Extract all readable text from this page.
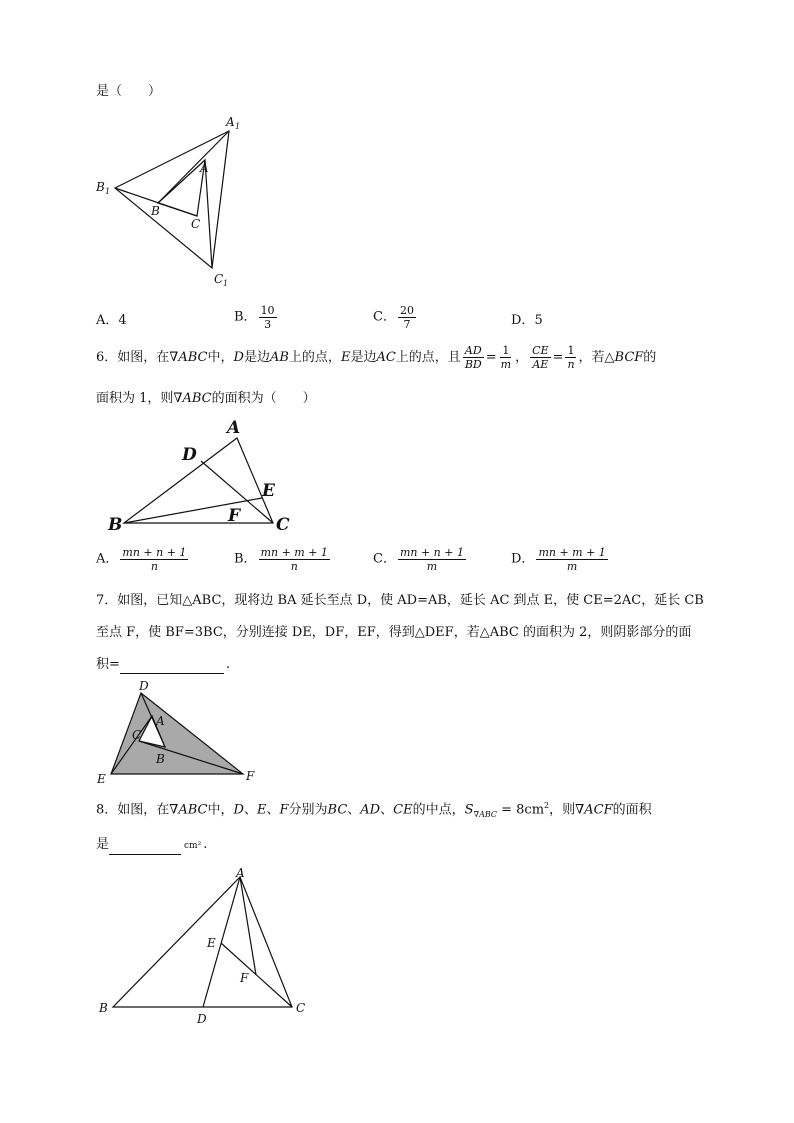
是（　　）
A 1
B 1
C 1
A
B
C
A．4	B． $\frac{10}{3}$	C． $\frac{20}{7}$	D．5
6．如图，在∇ABC中，D是边AB上的点，E是边AC上的点，且 $\frac{AD}{BD} = \frac{1}{m}$ ， $\frac{CE}{AE} = \frac{1}{n}$ ，若△BCF的
面积为 1，则∇ABC的面积为（　　）
A
B	C
D
E
F
A． $\frac{mn + n + 1}{n}$	B． $\frac{mn + m + 1}{n}$	C． $\frac{mn + n + 1}{m}$	D． $\frac{mn + m + 1}{m}$
7．如图，已知△ABC，现将边 BA 延长至点 D，使 AD=AB，延长 AC 到点 E，使 CE=2AC，延长 CB
至点 F，使 BF=3BC，分别连接 DE，DF，EF，得到△DEF，若△ABC 的面积为 2，则阴影部分的面
积=	.
D
A
C
B
E	F
8．如图，在∇ABC中，D、E、F分别为BC、AD、CE的中点，$S_{\nabla ABC} = 8cm^2$，则∇ACF的面积
是	cm² .
A
B	C
D
E
F
